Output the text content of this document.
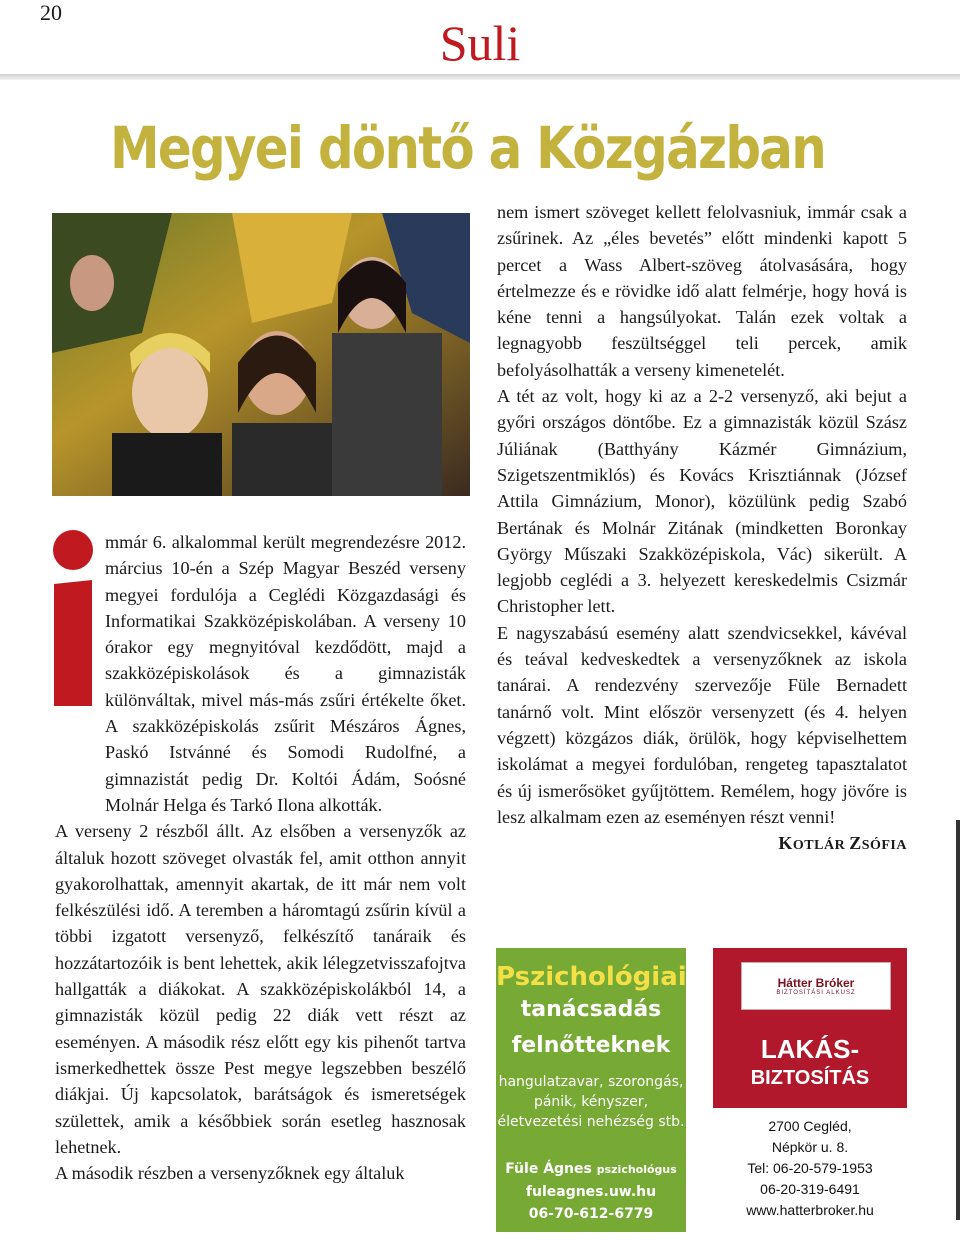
20
Suli
Megyei döntő a Közgázban

mmár 6. alkalommal került megrendezésre 2012. március 10-én a Szép Magyar Beszéd verseny megyei fordulója a Ceglédi Közgazdasági és Informatikai Szakközépiskolában. A verseny 10 órakor egy megnyitóval kezdődött, majd a szakközépiskolások és a gimnazisták különváltak, mivel más-más zsűri értékelte őket. A szakközépiskolás zsűrit Mészáros Ágnes, Paskó Istvánné és Somodi Rudolfné, a gimnazistát pedig Dr. Koltói Ádám, Soósné Molnár Helga és Tarkó Ilona alkották.

A verseny 2 részből állt. Az elsőben a versenyzők az általuk hozott szöveget olvasták fel, amit otthon annyit gyakorolhattak, amennyit akartak, de itt már nem volt felkészülési idő. A teremben a háromtagú zsűrin kívül a többi izgatott versenyző, felkészítő tanáraik és hozzátartozóik is bent lehettek, akik lélegzetvisszafojtva hallgatták a diákokat. A szakközépiskolákból 14, a gimnazisták közül pedig 22 diák vett részt az eseményen. A második rész előtt egy kis pihenőt tartva ismerkedhettek össze Pest megye legszebben beszélő diákjai. Új kapcsolatok, barátságok és ismeretségek születtek, amik a későbbiek során esetleg hasznosak lehetnek.

A második részben a versenyzőknek egy általuk

nem ismert szöveget kellett felolvasniuk, immár csak a zsűrinek. Az „éles bevetés” előtt mindenki kapott 5 percet a Wass Albert-szöveg átolvasására, hogy értelmezze és e rövidke idő alatt felmérje, hogy hová is kéne tenni a hangsúlyokat. Talán ezek voltak a legnagyobb feszültséggel teli percek, amik befolyásolhatták a verseny kimenetelét.

A tét az volt, hogy ki az a 2-2 versenyző, aki bejut a győri országos döntőbe. Ez a gimnazisták közül Szász Júliának (Batthyány Kázmér Gimnázium, Szigetszentmiklós) és Kovács Krisztiánnak (József Attila Gimnázium, Monor), közülünk pedig Szabó Bertának és Molnár Zitának (mindketten Boronkay György Műszaki Szakközépiskola, Vác) sikerült. A legjobb ceglédi a 3. helyezett kereskedelmis Csizmár Christopher lett.

E nagyszabású esemény alatt szendvicsekkel, kávéval és teával kedveskedtek a versenyzőknek az iskola tanárai. A rendezvény szervezője Füle Bernadett tanárnő volt. Mint először versenyzett (és 4. helyen végzett) közgázos diák, örülök, hogy képviselhettem iskolámat a megyei fordulóban, rengeteg tapasztalatot és új ismerősöket gyűjtöttem. Remélem, hogy jövőre is lesz alkalmam ezen az eseményen részt venni!
KOTLÁR ZSÓFIA

Pszichológiai
tanácsadás
felnőtteknek
hangulatzavar, szorongás, pánik, kényszer, életvezetési nehézség stb.
Füle Ágnes pszichológus
fuleagnes.uw.hu
06-70-612-6779
Hátter Bróker
BIZTOSÍTÁSI ALKUSZ
LAKÁS-
BIZTOSÍTÁS
2700 Cegléd,
Népkör u. 8.
Tel: 06-20-579-1953
06-20-319-6491
www.hatterbroker.hu
